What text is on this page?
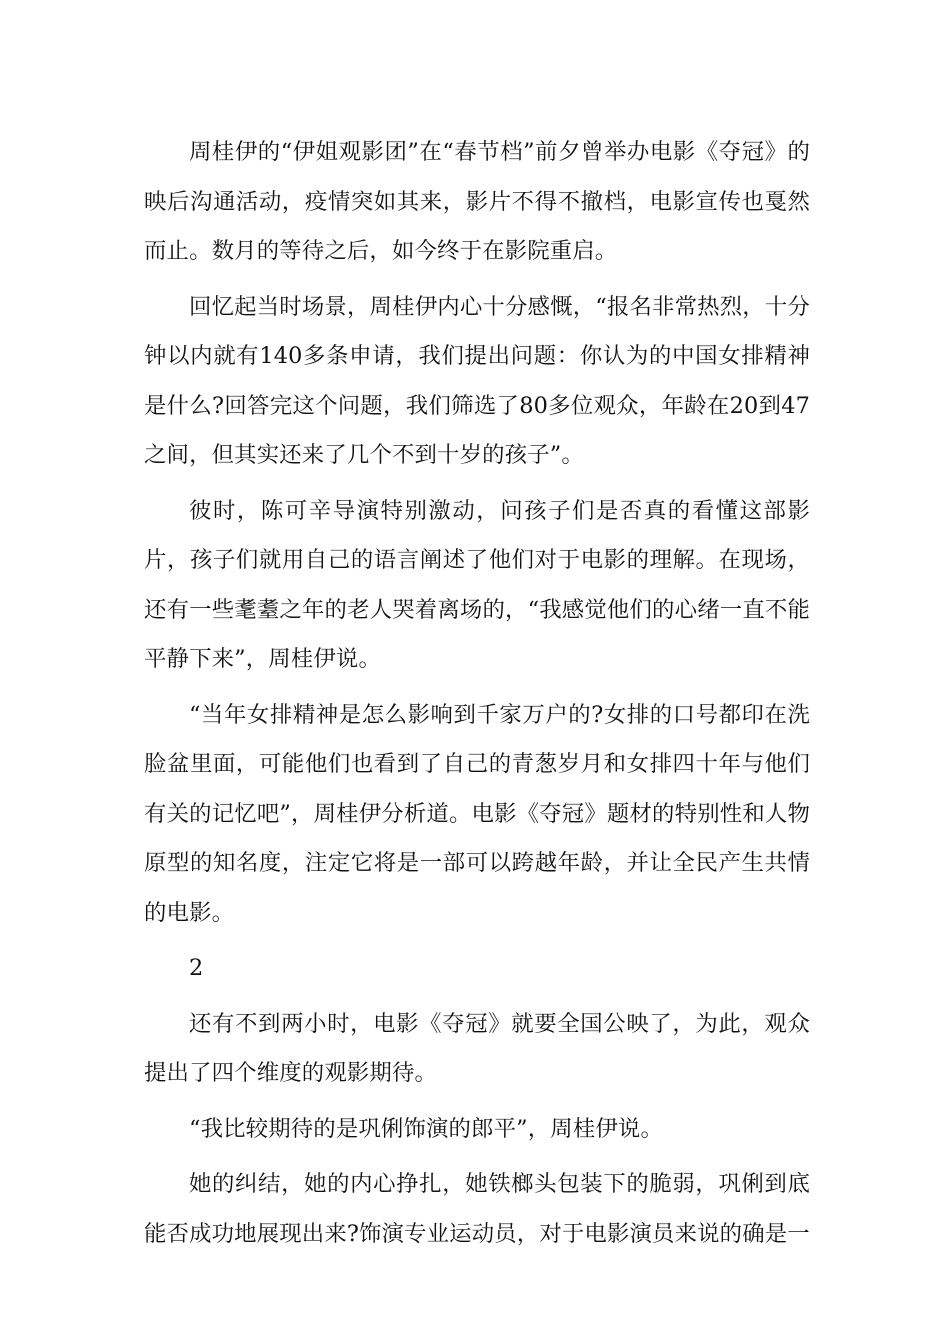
周桂伊的“伊姐观影团”在“春节档”前夕曾举办电影《夺冠》的映后沟通活动，疫情突如其来，影片不得不撤档，电影宣传也戛然而止。数月的等待之后，如今终于在影院重启。

回忆起当时场景，周桂伊内心十分感慨，“报名非常热烈，十分钟以内就有140多条申请，我们提出问题：你认为的中国女排精神是什么?回答完这个问题，我们筛选了80多位观众，年龄在20到47之间，但其实还来了几个不到十岁的孩子”。

彼时，陈可辛导演特别激动，问孩子们是否真的看懂这部影片，孩子们就用自己的语言阐述了他们对于电影的理解。在现场，还有一些耄耋之年的老人哭着离场的，“我感觉他们的心绪一直不能平静下来”，周桂伊说。

“当年女排精神是怎么影响到千家万户的?女排的口号都印在洗脸盆里面，可能他们也看到了自己的青葱岁月和女排四十年与他们有关的记忆吧”，周桂伊分析道。电影《夺冠》题材的特别性和人物原型的知名度，注定它将是一部可以跨越年龄，并让全民产生共情的电影。

2

还有不到两小时，电影《夺冠》就要全国公映了，为此，观众提出了四个维度的观影期待。

“我比较期待的是巩俐饰演的郎平”，周桂伊说。

她的纠结，她的内心挣扎，她铁榔头包装下的脆弱，巩俐到底能否成功地展现出来?饰演专业运动员，对于电影演员来说的确是一
